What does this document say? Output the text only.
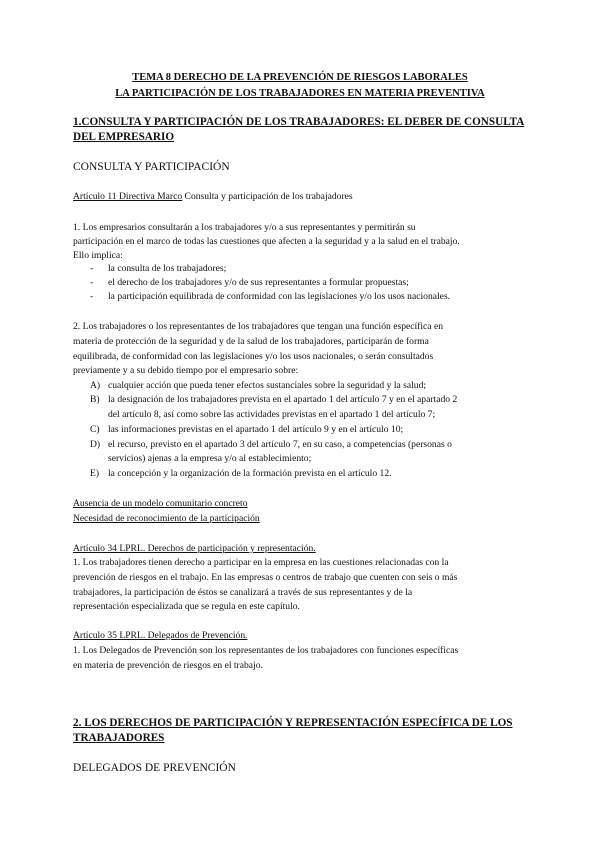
TEMA 8 DERECHO DE LA PREVENCIÓN DE RIESGOS LABORALES
LA PARTICIPACIÓN DE LOS TRABAJADORES EN MATERIA PREVENTIVA
1.CONSULTA Y PARTICIPACIÓN DE LOS TRABAJADORES: EL DEBER DE CONSULTA
DEL EMPRESARIO
CONSULTA Y PARTICIPACIÓN
Artículo 11 Directiva Marco Consulta y participación de los trabajadores
1. Los empresarios consultarán a los trabajadores y/o a sus representantes y permitirán su
participación en el marco de todas las cuestiones que afecten a la seguridad y a la salud en el trabajo.
Ello implica:
- la consulta de los trabajadores;
- el derecho de los trabajadores y/o de sus representantes a formular propuestas;
- la participación equilibrada de conformidad con las legislaciones y/o los usos nacionales.
2. Los trabajadores o los representantes de los trabajadores que tengan una función específica en
materia de protección de la seguridad y de la salud de los trabajadores, participarán de forma
equilibrada, de conformidad con las legislaciones y/o los usos nacionales, o serán consultados
previamente y a su debido tiempo por el empresario sobre:
A) cualquier acción que pueda tener efectos sustanciales sobre la seguridad y la salud;
B) la designación de los trabajadores prevista en el apartado 1 del artículo 7 y en el apartado 2
del artículo 8, así como sobre las actividades previstas en el apartado 1 del artículo 7;
C) las informaciones previstas en el apartado 1 del artículo 9 y en el artículo 10;
D) el recurso, previsto en el apartado 3 del artículo 7, en su caso, a competencias (personas o
servicios) ajenas a la empresa y/o al establecimiento;
E) la concepción y la organización de la formación prevista en el artículo 12.
Ausencia de un modelo comunitario concreto
Necesidad de reconocimiento de la participación
Artículo 34 LPRL. Derechos de participación y representación.
1. Los trabajadores tienen derecho a participar en la empresa en las cuestiones relacionadas con la
prevención de riesgos en el trabajo. En las empresas o centros de trabajo que cuenten con seis o más
trabajadores, la participación de éstos se canalizará a través de sus representantes y de la
representación especializada que se regula en este capítulo.
Artículo 35 LPRL. Delegados de Prevención.
1. Los Delegados de Prevención son los representantes de los trabajadores con funciones específicas
en materia de prevención de riesgos en el trabajo.
2. LOS DERECHOS DE PARTICIPACIÓN Y REPRESENTACIÓN ESPECÍFICA DE LOS
TRABAJADORES
DELEGADOS DE PREVENCIÓN
